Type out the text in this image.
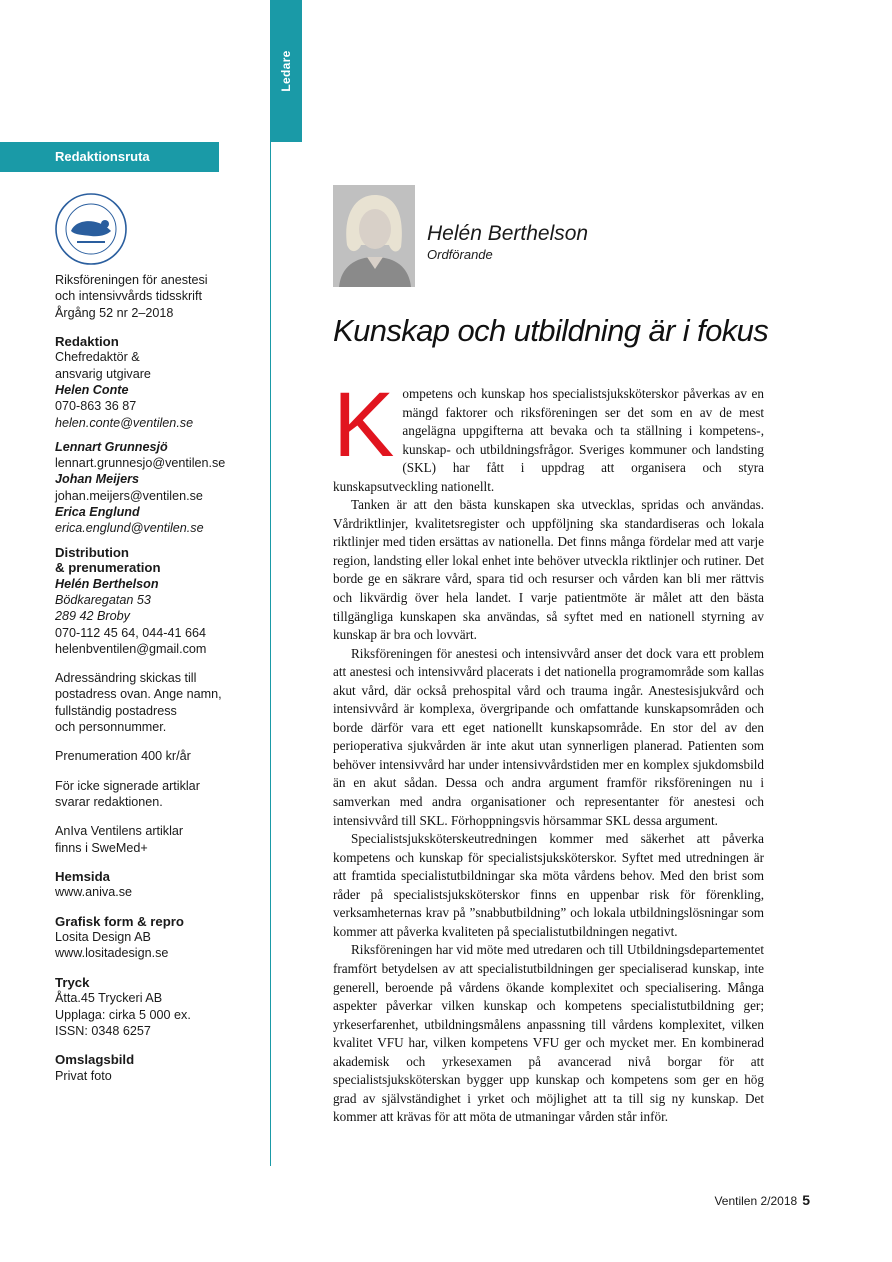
Ledare
Redaktionsruta

Riksföreningen för anestesi

och intensivvårds tidsskrift

Årgång 52 nr 2–2018

Redaktion

Chefredaktör &

ansvarig utgivare

Helen Conte

070-863 36 87

helen.conte@ventilen.se

Lennart Grunnesjö

lennart.grunnesjo@ventilen.se

Johan Meijers

johan.meijers@ventilen.se

Erica Englund

erica.englund@ventilen.se

Distribution
& prenumeration

Helén Berthelson

Bödkaregatan 53

289 42 Broby

070-112 45 64, 044-41 664

helenbventilen@gmail.com

Adressändring skickas till

postadress ovan. Ange namn,

fullständig postadress

och personnummer.

Prenumeration 400 kr/år

För icke signerade artiklar

svarar redaktionen.

AnIva Ventilens artiklar

finns i SweMed+

Hemsida

www.aniva.se

Grafisk form & repro

Losita Design AB

www.lositadesign.se

Tryck

Åtta.45 Tryckeri AB

Upplaga: cirka 5 000 ex.

ISSN: 0348 6257

Omslagsbild

Privat foto

Helén Berthelson
Ordförande
Kunskap och utbildning är i fokus

Kompetens och kunskap hos specialistsjuksköterskor påverkas av en mängd faktorer och riksföreningen ser det som en av de mest angelägna uppgifterna att bevaka och ta ställning i kompetens-, kunskap- och utbildningsfrågor. Sveriges kommuner och landsting (SKL) har fått i uppdrag att organisera och styra kunskapsutveckling nationellt.

Tanken är att den bästa kunskapen ska utvecklas, spridas och användas. Vårdriktlinjer, kvalitetsregister och uppföljning ska standardiseras och lokala riktlinjer med tiden ersättas av nationella. Det finns många fördelar med att varje region, landsting eller lokal enhet inte behöver utveckla riktlinjer och rutiner. Det borde ge en säkrare vård, spara tid och resurser och vården kan bli mer rättvis och likvärdig över hela landet. I varje patientmöte är målet att den bästa tillgängliga kunskapen ska användas, så syftet med en nationell styrning av kunskap är bra och lovvärt.

Riksföreningen för anestesi och intensivvård anser det dock vara ett problem att anestesi och intensivvård placerats i det nationella programområde som kallas akut vård, där också prehospital vård och trauma ingår. Anestesisjukvård och intensivvård är komplexa, övergripande och omfattande kunskapsområden och borde därför vara ett eget nationellt kunskapsområde. En stor del av den perioperativa sjukvården är inte akut utan synnerligen planerad. Patienten som behöver intensivvård har under intensivvårdstiden mer en komplex sjukdomsbild än en akut sådan. Dessa och andra argument framför riksföreningen nu i samverkan med andra organisationer och representanter för anestesi och intensivvård till SKL. Förhoppningsvis hörsammar SKL dessa argument.

Specialistsjuksköterskeutredningen kommer med säkerhet att påverka kompetens och kunskap för specialistsjuksköterskor. Syftet med utredningen är att framtida specialistutbildningar ska möta vårdens behov. Med den brist som råder på specialistsjuksköterskor finns en uppenbar risk för förenkling, verksamheternas krav på ”snabbutbildning” och lokala utbildningslösningar som kommer att påverka kvaliteten på specialistutbildningen negativt.

Riksföreningen har vid möte med utredaren och till Utbildningsdepartementet framfört betydelsen av att specialistutbildningen ger specialiserad kunskap, inte generell, beroende på vårdens ökande komplexitet och specialisering. Många aspekter påverkar vilken kunskap och kompetens specialistutbildning ger; yrkeserfarenhet, utbildningsmålens anpassning till vårdens komplexitet, vilken kvalitet VFU har, vilken kompetens VFU ger och mycket mer. En kombinerad akademisk och yrkesexamen på avancerad nivå borgar för att specialistsjuksköterskan bygger upp kunskap och kompetens som ger en hög grad av självständighet i yrket och möjlighet att ta till sig ny kunskap. Det kommer att krävas för att möta de utmaningar vården står inför.

Ventilen 2/2018 5
